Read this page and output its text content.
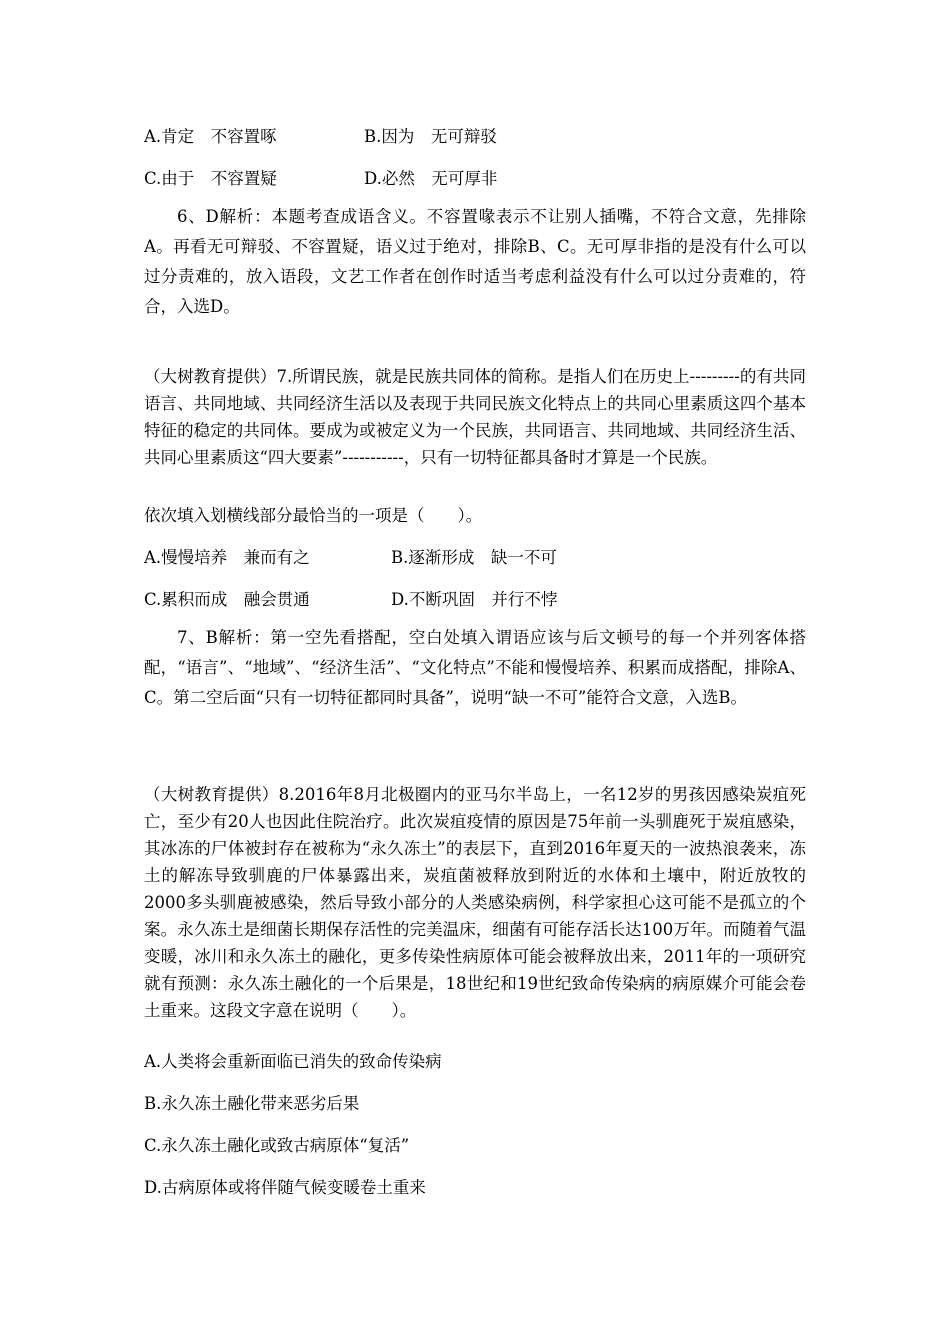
A.肯定　不容置啄	B.因为　无可辩驳
C.由于　不容置疑	D.必然　无可厚非
6、D解析：本题考查成语含义。不容置喙表示不让别人插嘴，不符合文意，先排除A。再看无可辩驳、不容置疑，语义过于绝对，排除B、C。无可厚非指的是没有什么可以过分责难的，放入语段，文艺工作者在创作时适当考虑利益没有什么可以过分责难的，符合，入选D。
（大树教育提供）7.所谓民族，就是民族共同体的简称。是指人们在历史上---------的有共同语言、共同地域、共同经济生活以及表现于共同民族文化特点上的共同心里素质这四个基本特征的稳定的共同体。要成为或被定义为一个民族，共同语言、共同地域、共同经济生活、共同心里素质这“四大要素”-----------，只有一切特征都具备时才算是一个民族。
依次填入划横线部分最恰当的一项是（　　）。
A.慢慢培养　兼而有之	B.逐渐形成　缺一不可
C.累积而成　融会贯通	D.不断巩固　并行不悖
7、B解析：第一空先看搭配，空白处填入谓语应该与后文顿号的每一个并列客体搭配，“语言”、“地域”、“经济生活”、“文化特点”不能和慢慢培养、积累而成搭配，排除A、C。第二空后面“只有一切特征都同时具备”，说明“缺一不可”能符合文意，入选B。
（大树教育提供）8.2016年8月北极圈内的亚马尔半岛上，一名12岁的男孩因感染炭疽死亡，至少有20人也因此住院治疗。此次炭疽疫情的原因是75年前一头驯鹿死于炭疽感染，其冰冻的尸体被封存在被称为“永久冻土”的表层下，直到2016年夏天的一波热浪袭来，冻土的解冻导致驯鹿的尸体暴露出来，炭疽菌被释放到附近的水体和土壤中，附近放牧的2000多头驯鹿被感染，然后导致小部分的人类感染病例，科学家担心这可能不是孤立的个案。永久冻土是细菌长期保存活性的完美温床，细菌有可能存活长达100万年。而随着气温变暖，冰川和永久冻土的融化，更多传染性病原体可能会被释放出来，2011年的一项研究就有预测：永久冻土融化的一个后果是，18世纪和19世纪致命传染病的病原媒介可能会卷土重来。这段文字意在说明（　　）。
A.人类将会重新面临已消失的致命传染病
B.永久冻土融化带来恶劣后果
C.永久冻土融化或致古病原体“复活”
D.古病原体或将伴随气候变暖卷土重来
